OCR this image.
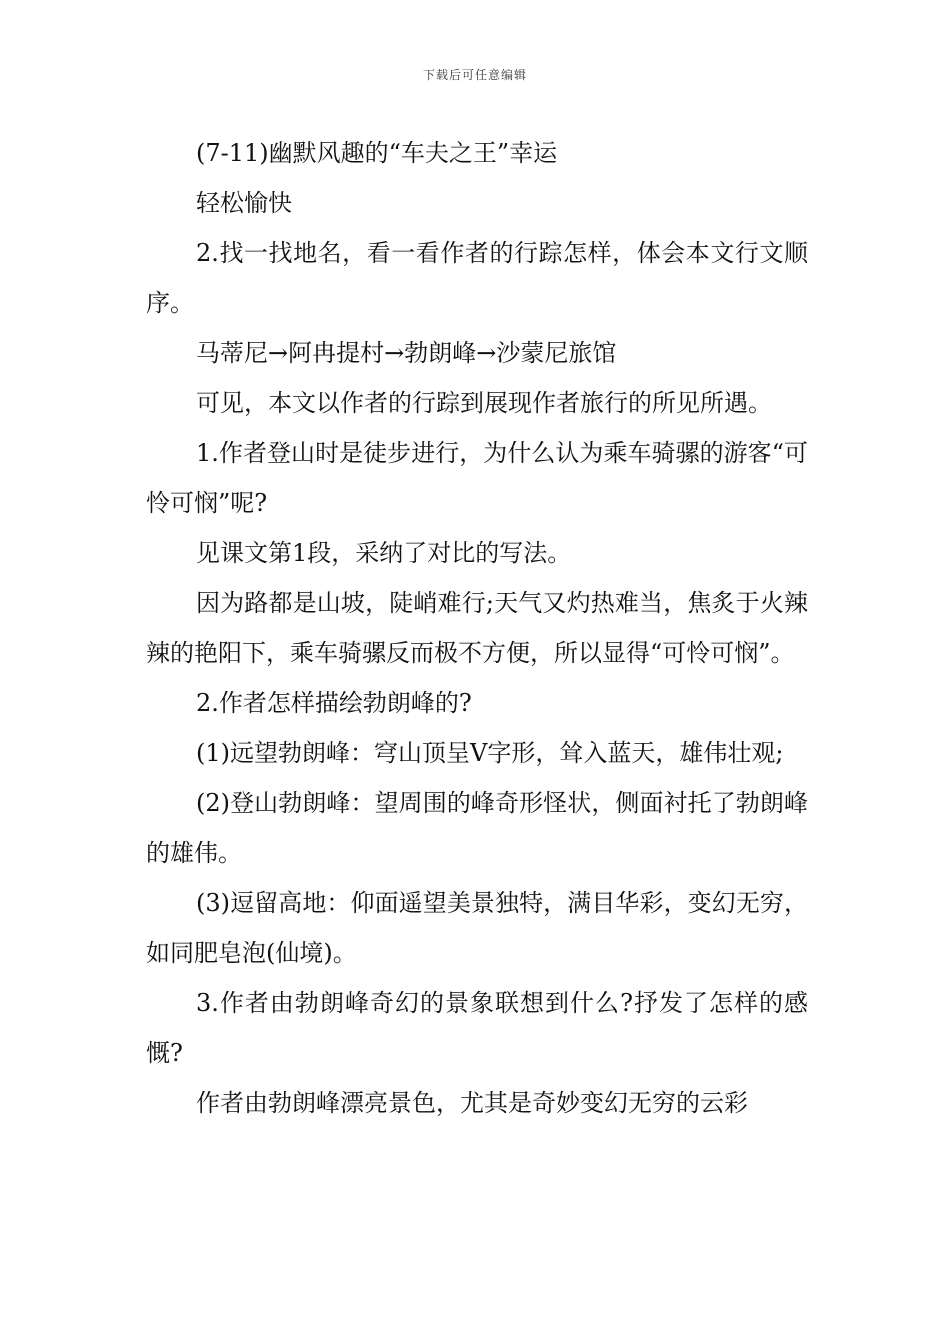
下载后可任意编辑

(7-11)幽默风趣的“车夫之王”幸运

轻松愉快

2.找一找地名，看一看作者的行踪怎样，体会本文行文顺序。

马蒂尼→阿冉提村→勃朗峰→沙蒙尼旅馆

可见，本文以作者的行踪到展现作者旅行的所见所遇。

1.作者登山时是徒步进行，为什么认为乘车骑骡的游客“可怜可悯”呢?

见课文第1段，采纳了对比的写法。

因为路都是山坡，陡峭难行;天气又灼热难当，焦炙于火辣辣的艳阳下，乘车骑骡反而极不方便，所以显得“可怜可悯”。

2.作者怎样描绘勃朗峰的?

(1)远望勃朗峰：穹山顶呈V字形，耸入蓝天，雄伟壮观;

(2)登山勃朗峰：望周围的峰奇形怪状，侧面衬托了勃朗峰的雄伟。

(3)逗留高地：仰面遥望美景独特，满目华彩，变幻无穷，如同肥皂泡(仙境)。

3.作者由勃朗峰奇幻的景象联想到什么?抒发了怎样的感慨?

作者由勃朗峰漂亮景色，尤其是奇妙变幻无穷的云彩
